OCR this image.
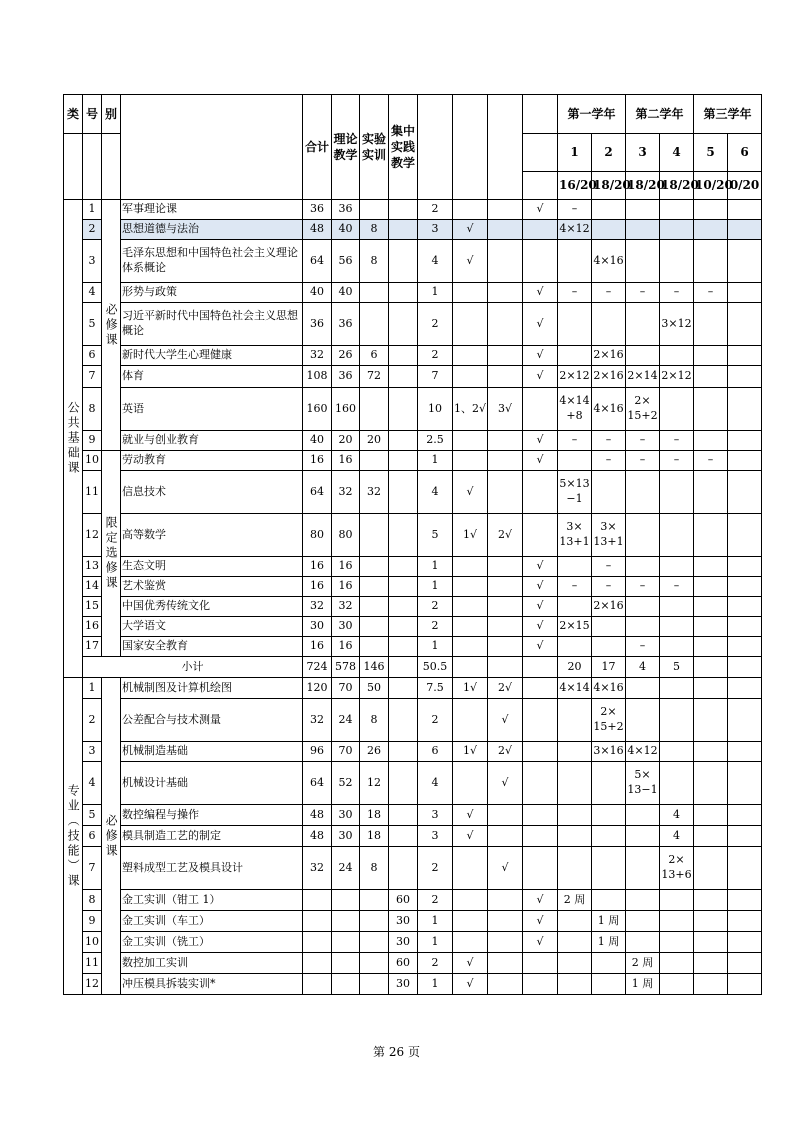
类	号	别		合计	理论教学	实验实训	集中实践教学					第一学年		第二学年		第三学年	
												1	2	3	4	5	6
												16/20	18/20	18/20	18/20	10/20	0/20
公共基础课	1	必修课	军事理论课	36	36			2			√	–					
	2		思想道德与法治	48	40	8		3	√			4×12					
	3		毛泽东思想和中国特色社会主义理论体系概论	64	56	8		4	√				4×16				
	4		形势与政策	40	40			1			√	–	–	–	–	–	
	5		习近平新时代中国特色社会主义思想概论	36	36			2			√				3×12		
	6		新时代大学生心理健康	32	26	6		2			√		2×16				
	7		体育	108	36	72		7			√	2×12	2×16	2×14	2×12		
	8		英语	160	160			10	1、2√	3√		4×14 +8	4×16	2× 15+2			
	9		就业与创业教育	40	20	20		2.5			√	–	–	–	–		
	10	限定选修课	劳动教育	16	16			1			√		–	–	–	–	
	11		信息技术	64	32	32		4	√			5×13 −1					
	12		高等数学	80	80			5	1√	2√		3× 13+1	3× 13+1				
	13		生态文明	16	16			1			√		–				
	14		艺术鉴赏	16	16			1			√	–	–	–	–		
	15		中国优秀传统文化	32	32			2			√		2×16				
	16		大学语文	30	30			2			√	2×15					
	17		国家安全教育	16	16			1			√			–			
	小计			724	578	146		50.5				20	17	4	5		
专业（技能）课	1	必修课	机械制图及计算机绘图	120	70	50		7.5	1√	2√		4×14	4×16				
	2		公差配合与技术测量	32	24	8		2		√			2× 15+2				
	3		机械制造基础	96	70	26		6	1√	2√			3×16	4×12			
	4		机械设计基础	64	52	12		4		√				5× 13−1			
	5		数控编程与操作	48	30	18		3	√						4		
	6		模具制造工艺的制定	48	30	18		3	√						4		
	7		塑料成型工艺及模具设计	32	24	8		2		√					2× 13+6		
	8		金工实训（钳工 1）				60	2			√	2 周					
	9		金工实训（车工）				30	1			√		1 周				
	10		金工实训（铣工）				30	1			√		1 周				
	11		数控加工实训				60	2	√					2 周			
	12		冲压模具拆装实训*				30	1	√					1 周			
第 26 页
